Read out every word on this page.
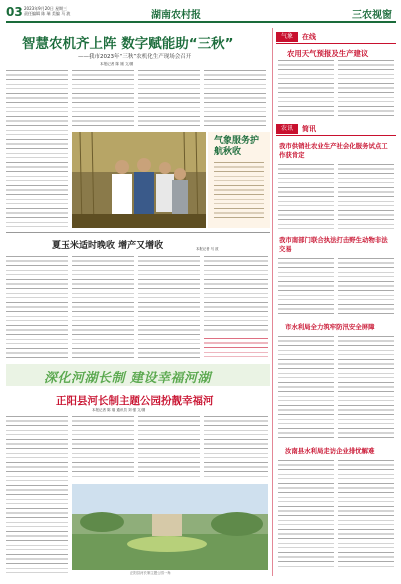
03 2023年9月20日 星期三
责任编辑 陈 瑞 美编 马 波	湖南农村报	三农视窗
智慧农机齐上阵 数字赋能助“三秋”
——我市2023年“三秋”农机化生产现场会召开
本报记者 陈 刚 文/图
气象服务护航秋收
气象	在线
农用天气预报及生产建议
农讯	简讯
我市供销社农业生产社会化服务试点工作获肯定
我市南部门联合执法打击野生动物非法交易
市水利局全力筑牢防汛安全屏障
汝南县水利局走访企业排忧解难
夏玉米适时晚收 增产又增收	本报记者 马 波
深化河湖长制 建设幸福河湖
正阳县河长制主题公园扮靓幸福河
本报记者 陈 瑞 通讯员 刘 强 文/图
正阳县河长制主题公园一角
